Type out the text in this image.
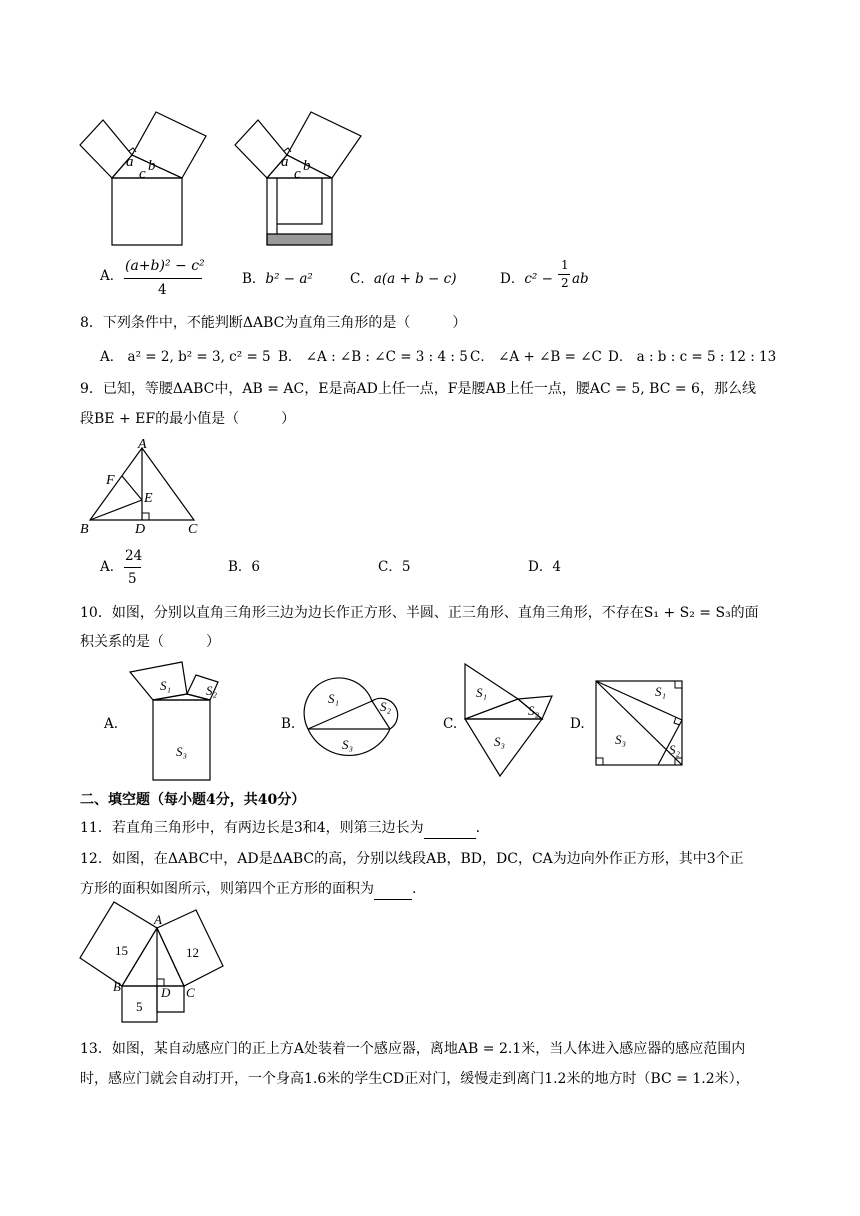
a b
c
a b
c
A．
(a+b)² − c²
4
B．b² − a²	C．a(a + b − c)	D．c² −
1
2 ab
8．下列条件中，不能判断ΔABC为直角三角形的是（　　　）
A． a² = 2, b² = 3, c² = 5 B． ∠A : ∠B : ∠C = 3 : 4 : 5 C． ∠A + ∠B = ∠C D． a : b : c = 5 : 12 : 13
9．已知，等腰ΔABC中，AB = AC，E是高AD上任一点，F是腰AB上任一点，腰AC = 5, BC = 6，那么线
段BE + EF的最小值是（　　　）
A
F
E
B	D	C
A．
24
5
B．6	C．5	D．4
10．如图，分别以直角三角形三边为边长作正方形、半圆、正三角形、直角三角形，不存在S₁ + S₂ = S₃的面
积关系的是（　　　）
A.
S₁	S₂
S₃
B.
S₁
S₂
S₃
C.
S₁
S₂
S₃
D.
S₁
S₂
S₃
二、填空题（每小题4分，共40分）
11．若直角三角形中，有两边长是3和4，则第三边长为	.
12．如图，在ΔABC中，AD是ΔABC的高，分别以线段AB，BD，DC，CA为边向外作正方形，其中3个正
方形的面积如图所示，则第四个正方形的面积为	.
15	12
5
A
B	D C
13．如图，某自动感应门的正上方A处装着一个感应器，离地AB = 2.1米，当人体进入感应器的感应范围内
时，感应门就会自动打开，一个身高1.6米的学生CD正对门，缓慢走到离门1.2米的地方时（BC = 1.2米），
